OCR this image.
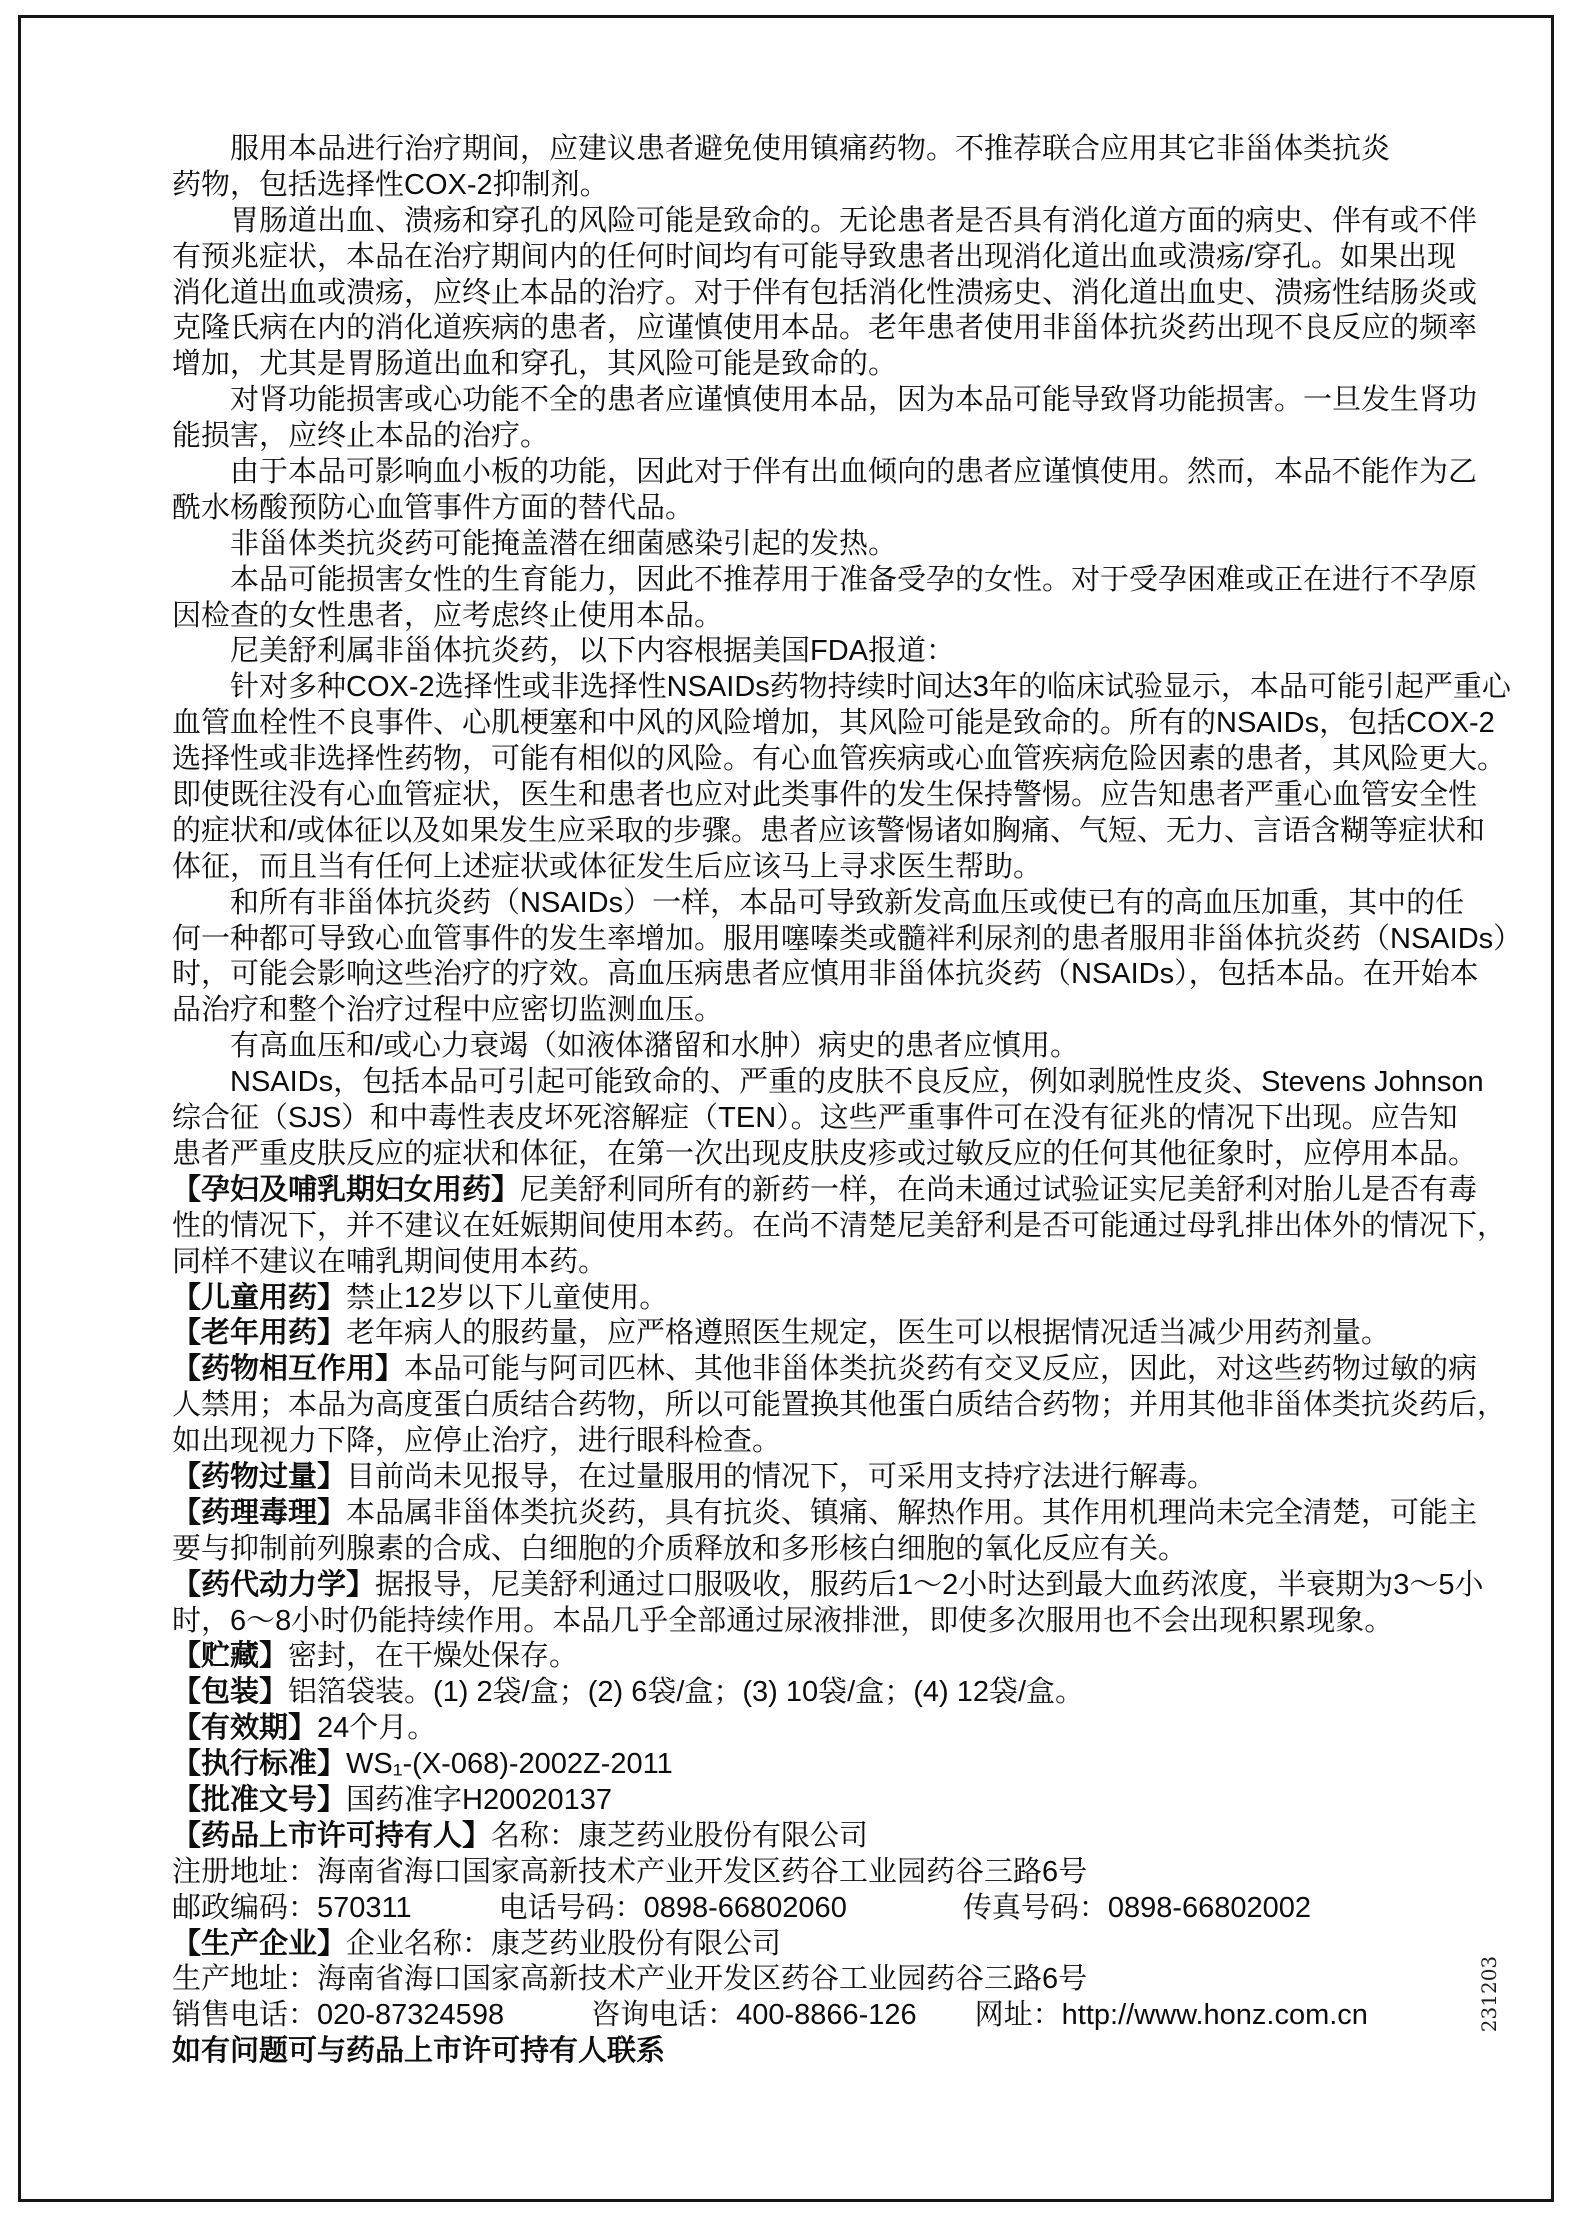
　　服用本品进行治疗期间，应建议患者避免使用镇痛药物。不推荐联合应用其它非甾体类抗炎
药物，包括选择性COX-2抑制剂。
　　胃肠道出血、溃疡和穿孔的风险可能是致命的。无论患者是否具有消化道方面的病史、伴有或不伴
有预兆症状，本品在治疗期间内的任何时间均有可能导致患者出现消化道出血或溃疡/穿孔。如果出现
消化道出血或溃疡，应终止本品的治疗。对于伴有包括消化性溃疡史、消化道出血史、溃疡性结肠炎或
克隆氏病在内的消化道疾病的患者，应谨慎使用本品。老年患者使用非甾体抗炎药出现不良反应的频率
增加，尤其是胃肠道出血和穿孔，其风险可能是致命的。
　　对肾功能损害或心功能不全的患者应谨慎使用本品，因为本品可能导致肾功能损害。一旦发生肾功
能损害，应终止本品的治疗。
　　由于本品可影响血小板的功能，因此对于伴有出血倾向的患者应谨慎使用。然而，本品不能作为乙
酰水杨酸预防心血管事件方面的替代品。
　　非甾体类抗炎药可能掩盖潜在细菌感染引起的发热。
　　本品可能损害女性的生育能力，因此不推荐用于准备受孕的女性。对于受孕困难或正在进行不孕原
因检查的女性患者，应考虑终止使用本品。
　　尼美舒利属非甾体抗炎药，以下内容根据美国FDA报道：
　　针对多种COX-2选择性或非选择性NSAIDs药物持续时间达3年的临床试验显示，本品可能引起严重心
血管血栓性不良事件、心肌梗塞和中风的风险增加，其风险可能是致命的。所有的NSAIDs，包括COX-2
选择性或非选择性药物，可能有相似的风险。有心血管疾病或心血管疾病危险因素的患者，其风险更大。
即使既往没有心血管症状，医生和患者也应对此类事件的发生保持警惕。应告知患者严重心血管安全性
的症状和/或体征以及如果发生应采取的步骤。患者应该警惕诸如胸痛、气短、无力、言语含糊等症状和
体征，而且当有任何上述症状或体征发生后应该马上寻求医生帮助。
　　和所有非甾体抗炎药（NSAIDs）一样，本品可导致新发高血压或使已有的高血压加重，其中的任
何一种都可导致心血管事件的发生率增加。服用噻嗪类或髓袢利尿剂的患者服用非甾体抗炎药（NSAIDs）
时，可能会影响这些治疗的疗效。高血压病患者应慎用非甾体抗炎药（NSAIDs），包括本品。在开始本
品治疗和整个治疗过程中应密切监测血压。
　　有高血压和/或心力衰竭（如液体潴留和水肿）病史的患者应慎用。
　　NSAIDs，包括本品可引起可能致命的、严重的皮肤不良反应，例如剥脱性皮炎、Stevens Johnson
综合征（SJS）和中毒性表皮坏死溶解症（TEN）。这些严重事件可在没有征兆的情况下出现。应告知
患者严重皮肤反应的症状和体征，在第一次出现皮肤皮疹或过敏反应的任何其他征象时，应停用本品。
【孕妇及哺乳期妇女用药】尼美舒利同所有的新药一样，在尚未通过试验证实尼美舒利对胎儿是否有毒
性的情况下，并不建议在妊娠期间使用本药。在尚不清楚尼美舒利是否可能通过母乳排出体外的情况下，
同样不建议在哺乳期间使用本药。
【儿童用药】禁止12岁以下儿童使用。
【老年用药】老年病人的服药量，应严格遵照医生规定，医生可以根据情况适当减少用药剂量。
【药物相互作用】本品可能与阿司匹林、其他非甾体类抗炎药有交叉反应，因此，对这些药物过敏的病
人禁用；本品为高度蛋白质结合药物，所以可能置换其他蛋白质结合药物；并用其他非甾体类抗炎药后，
如出现视力下降，应停止治疗，进行眼科检查。
【药物过量】目前尚未见报导，在过量服用的情况下，可采用支持疗法进行解毒。
【药理毒理】本品属非甾体类抗炎药，具有抗炎、镇痛、解热作用。其作用机理尚未完全清楚，可能主
要与抑制前列腺素的合成、白细胞的介质释放和多形核白细胞的氧化反应有关。
【药代动力学】据报导，尼美舒利通过口服吸收，服药后1～2小时达到最大血药浓度，半衰期为3～5小
时，6～8小时仍能持续作用。本品几乎全部通过尿液排泄，即使多次服用也不会出现积累现象。
【贮藏】密封，在干燥处保存。
【包装】铝箔袋装。(1) 2袋/盒；(2) 6袋/盒；(3) 10袋/盒；(4) 12袋/盒。
【有效期】24个月。
【执行标准】WS₁-(X-068)-2002Z-2011
【批准文号】国药准字H20020137
【药品上市许可持有人】名称：康芝药业股份有限公司
注册地址：海南省海口国家高新技术产业开发区药谷工业园药谷三路6号
邮政编码：570311　　　电话号码：0898-66802060　　　　传真号码：0898-66802002
【生产企业】企业名称：康芝药业股份有限公司
生产地址：海南省海口国家高新技术产业开发区药谷工业园药谷三路6号
销售电话：020-87324598　　　咨询电话：400-8866-126　　网址：http://www.honz.com.cn
如有问题可与药品上市许可持有人联系
231203
